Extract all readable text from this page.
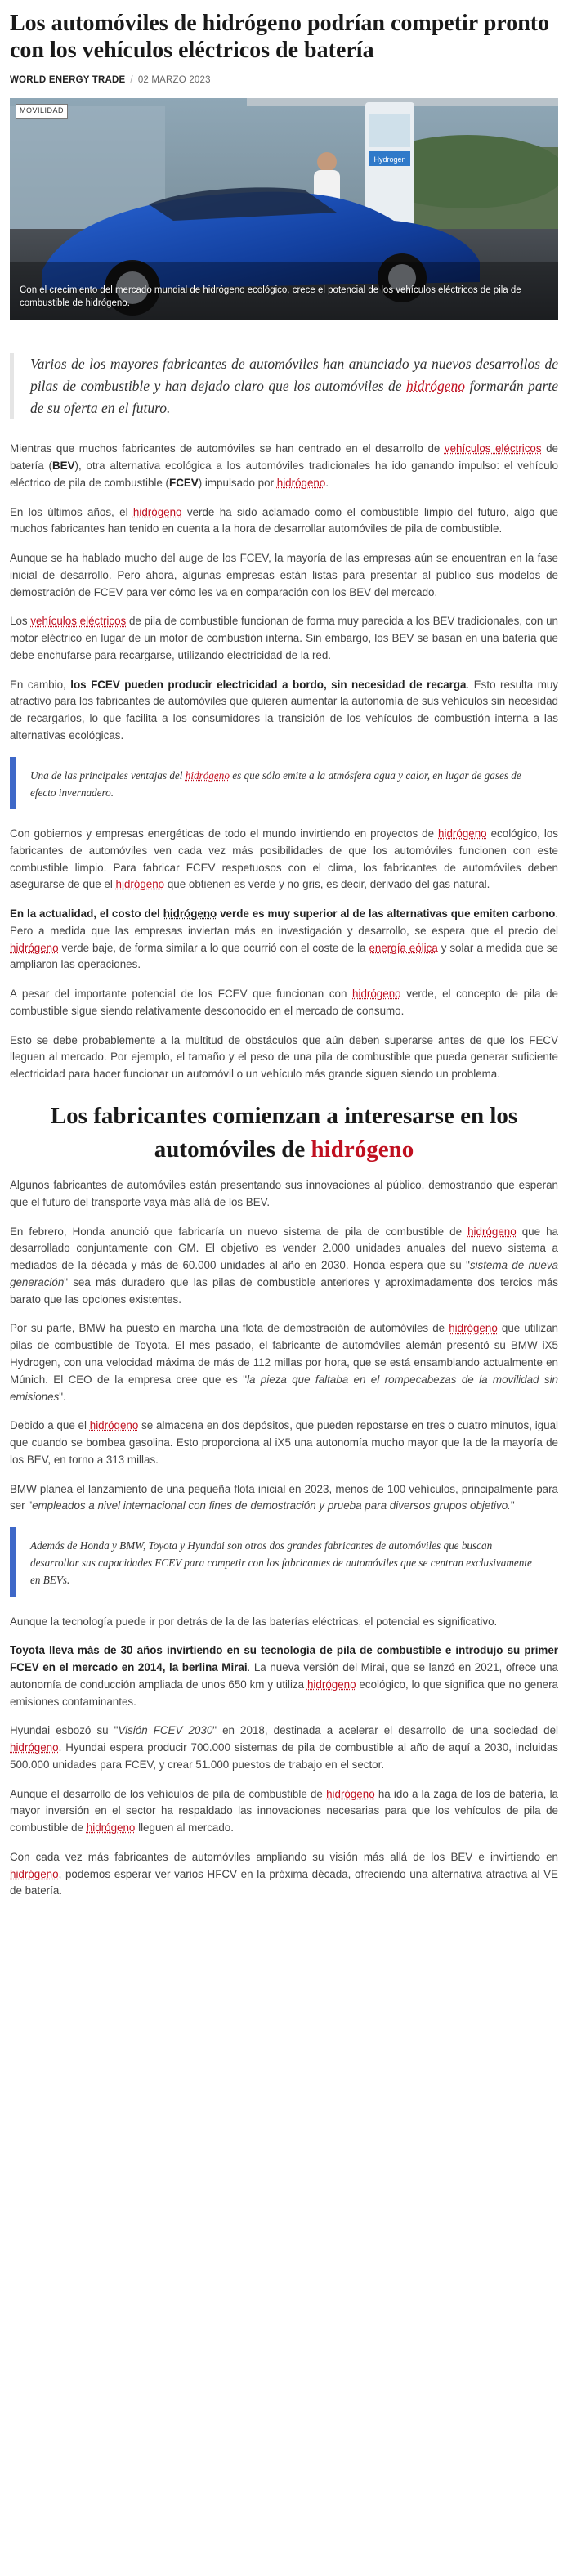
Los automóviles de hidrógeno podrían competir pronto con los vehículos eléctricos de batería
WORLD ENERGY TRADE / 02 MARZO 2023
Hydrogen
MOVILIDAD
Con el crecimiento del mercado mundial de hidrógeno ecológico, crece el potencial de los vehículos eléctricos de pila de combustible de hidrógeno.
Varios de los mayores fabricantes de automóviles han anunciado ya nuevos desarrollos de pilas de combustible y han dejado claro que los automóviles de hidrógeno formarán parte de su oferta en el futuro.

Mientras que muchos fabricantes de automóviles se han centrado en el desarrollo de vehículos eléctricos de batería (BEV), otra alternativa ecológica a los automóviles tradicionales ha ido ganando impulso: el vehículo eléctrico de pila de combustible (FCEV) impulsado por hidrógeno.

En los últimos años, el hidrógeno verde ha sido aclamado como el combustible limpio del futuro, algo que muchos fabricantes han tenido en cuenta a la hora de desarrollar automóviles de pila de combustible.

Aunque se ha hablado mucho del auge de los FCEV, la mayoría de las empresas aún se encuentran en la fase inicial de desarrollo. Pero ahora, algunas empresas están listas para presentar al público sus modelos de demostración de FCEV para ver cómo les va en comparación con los BEV del mercado.

Los vehículos eléctricos de pila de combustible funcionan de forma muy parecida a los BEV tradicionales, con un motor eléctrico en lugar de un motor de combustión interna. Sin embargo, los BEV se basan en una batería que debe enchufarse para recargarse, utilizando electricidad de la red.

En cambio, los FCEV pueden producir electricidad a bordo, sin necesidad de recarga. Esto resulta muy atractivo para los fabricantes de automóviles que quieren aumentar la autonomía de sus vehículos sin necesidad de recargarlos, lo que facilita a los consumidores la transición de los vehículos de combustión interna a las alternativas ecológicas.

Una de las principales ventajas del hidrógeno es que sólo emite a la atmósfera agua y calor, en lugar de gases de efecto invernadero.

Con gobiernos y empresas energéticas de todo el mundo invirtiendo en proyectos de hidrógeno ecológico, los fabricantes de automóviles ven cada vez más posibilidades de que los automóviles funcionen con este combustible limpio. Para fabricar FCEV respetuosos con el clima, los fabricantes de automóviles deben asegurarse de que el hidrógeno que obtienen es verde y no gris, es decir, derivado del gas natural.

En la actualidad, el costo del hidrógeno verde es muy superior al de las alternativas que emiten carbono. Pero a medida que las empresas inviertan más en investigación y desarrollo, se espera que el precio del hidrógeno verde baje, de forma similar a lo que ocurrió con el coste de la energía eólica y solar a medida que se ampliaron las operaciones.

A pesar del importante potencial de los FCEV que funcionan con hidrógeno verde, el concepto de pila de combustible sigue siendo relativamente desconocido en el mercado de consumo.

Esto se debe probablemente a la multitud de obstáculos que aún deben superarse antes de que los FECV lleguen al mercado. Por ejemplo, el tamaño y el peso de una pila de combustible que pueda generar suficiente electricidad para hacer funcionar un automóvil o un vehículo más grande siguen siendo un problema.

Los fabricantes comienzan a interesarse en los automóviles de hidrógeno

Algunos fabricantes de automóviles están presentando sus innovaciones al público, demostrando que esperan que el futuro del transporte vaya más allá de los BEV.

En febrero, Honda anunció que fabricaría un nuevo sistema de pila de combustible de hidrógeno que ha desarrollado conjuntamente con GM. El objetivo es vender 2.000 unidades anuales del nuevo sistema a mediados de la década y más de 60.000 unidades al año en 2030. Honda espera que su "sistema de nueva generación" sea más duradero que las pilas de combustible anteriores y aproximadamente dos tercios más barato que las opciones existentes.

Por su parte, BMW ha puesto en marcha una flota de demostración de automóviles de hidrógeno que utilizan pilas de combustible de Toyota. El mes pasado, el fabricante de automóviles alemán presentó su BMW iX5 Hydrogen, con una velocidad máxima de más de 112 millas por hora, que se está ensamblando actualmente en Múnich. El CEO de la empresa cree que es "la pieza que faltaba en el rompecabezas de la movilidad sin emisiones".

Debido a que el hidrógeno se almacena en dos depósitos, que pueden repostarse en tres o cuatro minutos, igual que cuando se bombea gasolina. Esto proporciona al iX5 una autonomía mucho mayor que la de la mayoría de los BEV, en torno a 313 millas.

BMW planea el lanzamiento de una pequeña flota inicial en 2023, menos de 100 vehículos, principalmente para ser "empleados a nivel internacional con fines de demostración y prueba para diversos grupos objetivo."

Además de Honda y BMW, Toyota y Hyundai son otros dos grandes fabricantes de automóviles que buscan desarrollar sus capacidades FCEV para competir con los fabricantes de automóviles que se centran exclusivamente en BEVs.

Aunque la tecnología puede ir por detrás de la de las baterías eléctricas, el potencial es significativo.

Toyota lleva más de 30 años invirtiendo en su tecnología de pila de combustible e introdujo su primer FCEV en el mercado en 2014, la berlina Mirai. La nueva versión del Mirai, que se lanzó en 2021, ofrece una autonomía de conducción ampliada de unos 650 km y utiliza hidrógeno ecológico, lo que significa que no genera emisiones contaminantes.

Hyundai esbozó su "Visión FCEV 2030" en 2018, destinada a acelerar el desarrollo de una sociedad del hidrógeno. Hyundai espera producir 700.000 sistemas de pila de combustible al año de aquí a 2030, incluidas 500.000 unidades para FCEV, y crear 51.000 puestos de trabajo en el sector.

Aunque el desarrollo de los vehículos de pila de combustible de hidrógeno ha ido a la zaga de los de batería, la mayor inversión en el sector ha respaldado las innovaciones necesarias para que los vehículos de pila de combustible de hidrógeno lleguen al mercado.

Con cada vez más fabricantes de automóviles ampliando su visión más allá de los BEV e invirtiendo en hidrógeno, podemos esperar ver varios HFCV en la próxima década, ofreciendo una alternativa atractiva al VE de batería.
